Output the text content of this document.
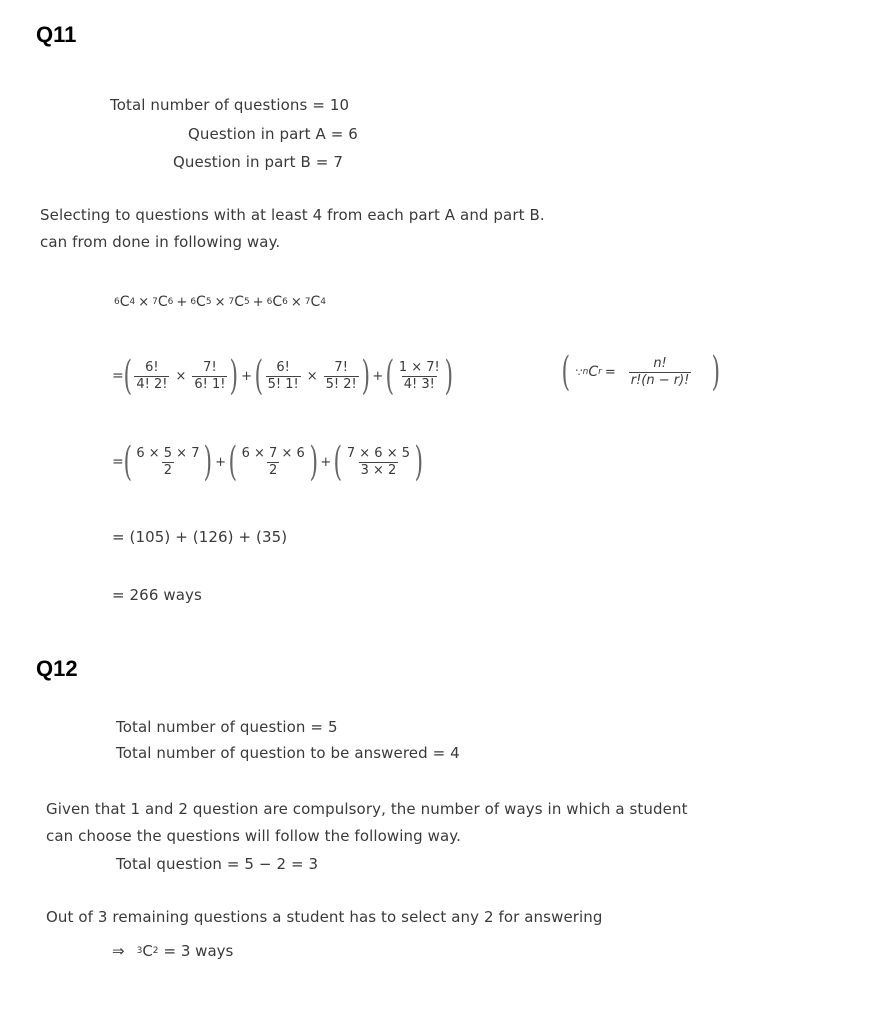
Q11
Total number of questions = 10
Question in part A = 6
Question in part B = 7
Selecting to questions with at least 4 from each part A and part B.
can from done in following way.
6 C 4 × 7 C 6 + 6 C 5 × 7 C 5 + 6 C 6 × 7 C 4
= ( $\frac{6!}{4! 2!} \times \frac{7!}{6! 1!}$ ) + ( $\frac{6!}{5! 1!} \times \frac{7!}{5! 2!}$ ) + ( $\frac{1 \times 7!}{4! 3!}$ )	( ∵ n C $r = \frac{n!}{r!(n - r)!}$ )
= ( $\frac{6 \times 5 \times 7}{2}$ ) + ( $\frac{6 \times 7 \times 6}{2}$ ) + ( $\frac{7 \times 6 \times 5}{3 \times 2}$ )
= (105) + (126) + (35)
= 266 ways
Q12
Total number of question = 5
Total number of question to be answered = 4
Given that 1 and 2 question are compulsory, the number of ways in which a student
can choose the questions will follow the following way.
Total question = 5 − 2 = 3
Out of 3 remaining questions a student has to select any 2 for answering
⇒ 3 C 2 = 3 ways
